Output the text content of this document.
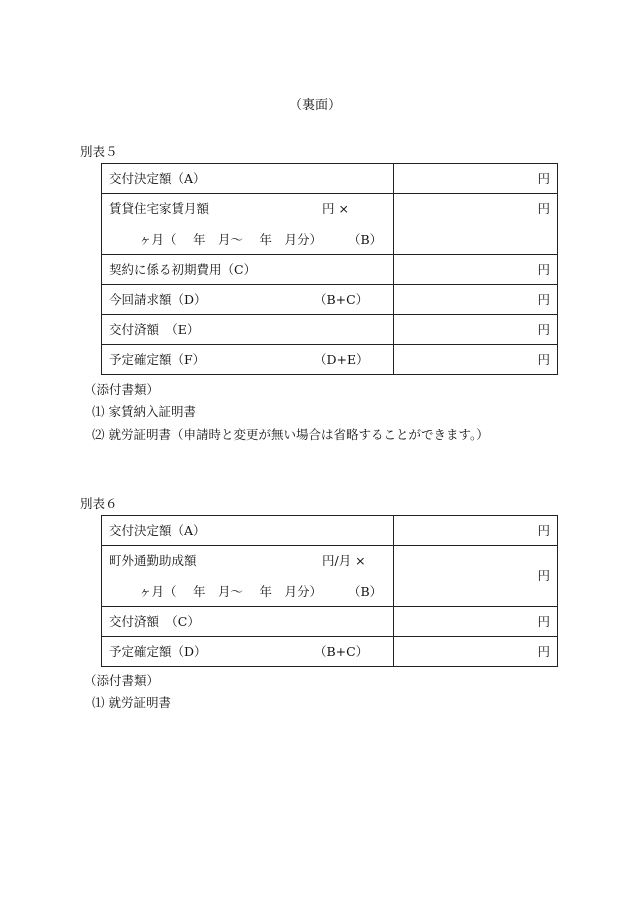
（裏面）
別表５
交付決定額（A）	円

賃貸住宅家賃月額 円 ×
ヶ月（　 年　月～　 年　月分） （B）	円

契約に係る初期費用（C）	円

今回請求額（D） （B+C）	円

交付済額　（E）	円

予定確定額（F） （D+E）	円
（添付書類）
⑴ 家賃納入証明書
⑵ 就労証明書（申請時と変更が無い場合は省略することができます。）
別表６
交付決定額（A）	円

町外通勤助成額 円/月 ×
ヶ月（　 年　月～　 年　月分） （B）	円

交付済額　（C）	円

予定確定額（D） （B+C）	円
（添付書類）
⑴ 就労証明書
